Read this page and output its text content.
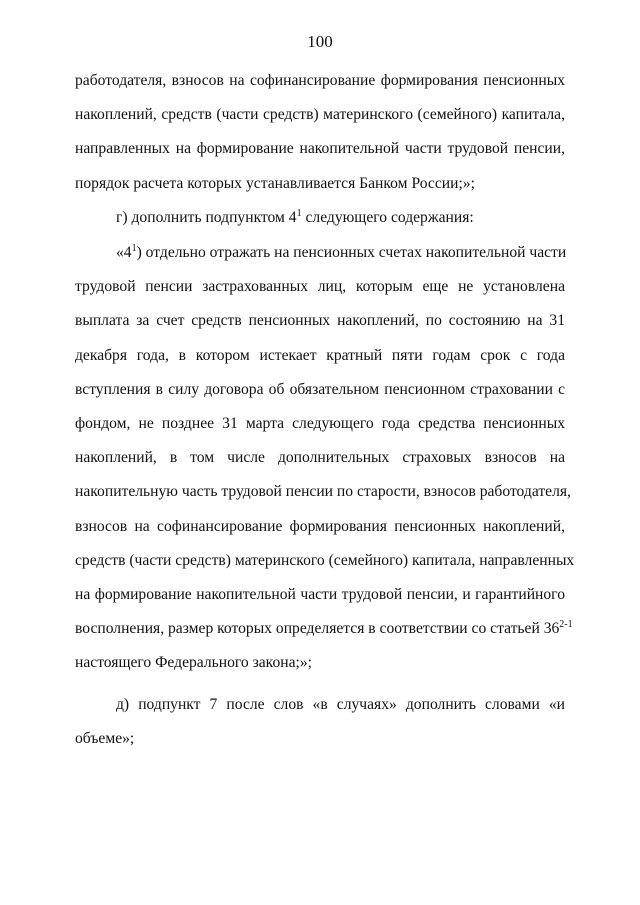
100
работодателя, взносов на софинансирование формирования пенсионных
накоплений, средств (части средств) материнского (семейного) капитала,
направленных на формирование накопительной части трудовой пенсии,
порядок расчета которых устанавливается Банком России;»;
г) дополнить подпунктом $4^1$ следующего содержания:
«$4^1$) отдельно отражать на пенсионных счетах накопительной части
трудовой пенсии застрахованных лиц, которым еще не установлена
выплата за счет средств пенсионных накоплений, по состоянию на 31
декабря года, в котором истекает кратный пяти годам срок с года
вступления в силу договора об обязательном пенсионном страховании с
фондом, не позднее 31 марта следующего года средства пенсионных
накоплений, в том числе дополнительных страховых взносов на
накопительную часть трудовой пенсии по старости, взносов работодателя,
взносов на софинансирование формирования пенсионных накоплений,
средств (части средств) материнского (семейного) капитала, направленных
на формирование накопительной части трудовой пенсии, и гарантийного
восполнения, размер которых определяется в соответствии со статьей 36$^{2-1}$
настоящего Федерального закона;»;
д) подпункт 7 после слов «в случаях» дополнить словами «и
объеме»;
